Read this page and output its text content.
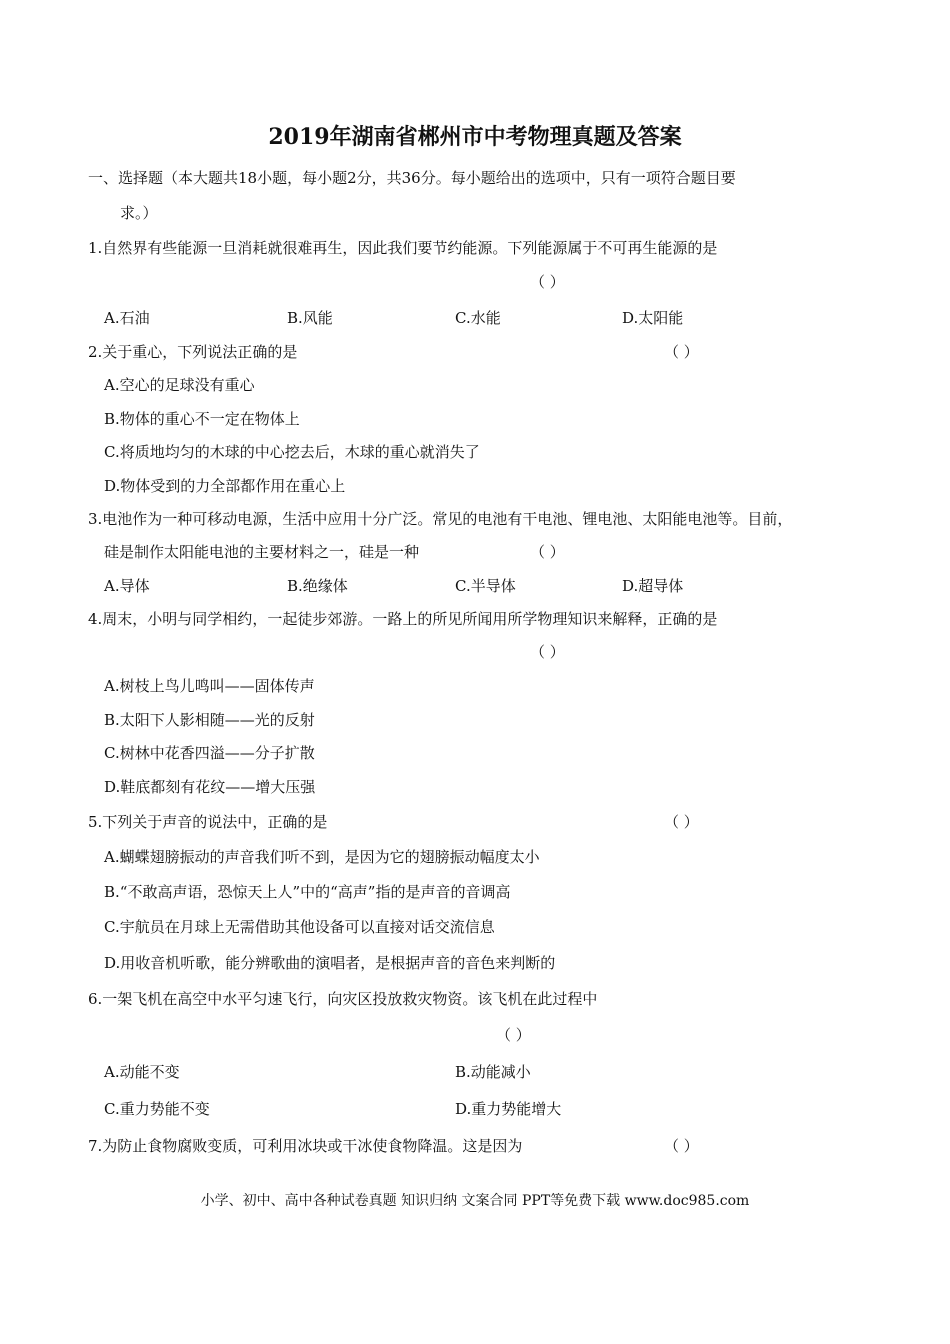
2019年湖南省郴州市中考物理真题及答案
一、选择题（本大题共18小题，每小题2分，共36分。每小题给出的选项中，只有一项符合题目要
求。）
1.自然界有些能源一旦消耗就很难再生，因此我们要节约能源。下列能源属于不可再生能源的是
（ ）
A.石油	B.风能	C.水能	D.太阳能
2.关于重心，下列说法正确的是	（ ）
A.空心的足球没有重心
B.物体的重心不一定在物体上
C.将质地均匀的木球的中心挖去后，木球的重心就消失了
D.物体受到的力全部都作用在重心上
3.电池作为一种可移动电源，生活中应用十分广泛。常见的电池有干电池、锂电池、太阳能电池等。目前，
硅是制作太阳能电池的主要材料之一，硅是一种	（ ）
A.导体	B.绝缘体	C.半导体	D.超导体
4.周末，小明与同学相约，一起徒步郊游。一路上的所见所闻用所学物理知识来解释，正确的是
（ ）
A.树枝上鸟儿鸣叫——固体传声
B.太阳下人影相随——光的反射
C.树林中花香四溢——分子扩散
D.鞋底都刻有花纹——增大压强
5.下列关于声音的说法中，正确的是	（ ）
A.蝴蝶翅膀振动的声音我们听不到，是因为它的翅膀振动幅度太小
B.“不敢高声语，恐惊天上人”中的“高声”指的是声音的音调高
C.宇航员在月球上无需借助其他设备可以直接对话交流信息
D.用收音机听歌，能分辨歌曲的演唱者，是根据声音的音色来判断的
6.一架飞机在高空中水平匀速飞行，向灾区投放救灾物资。该飞机在此过程中
（ ）
A.动能不变	B.动能减小
C.重力势能不变	D.重力势能增大
7.为防止食物腐败变质，可利用冰块或干冰使食物降温。这是因为	（ ）
小学、初中、高中各种试卷真题 知识归纳 文案合同 PPT等免费下载 www.doc985.com
